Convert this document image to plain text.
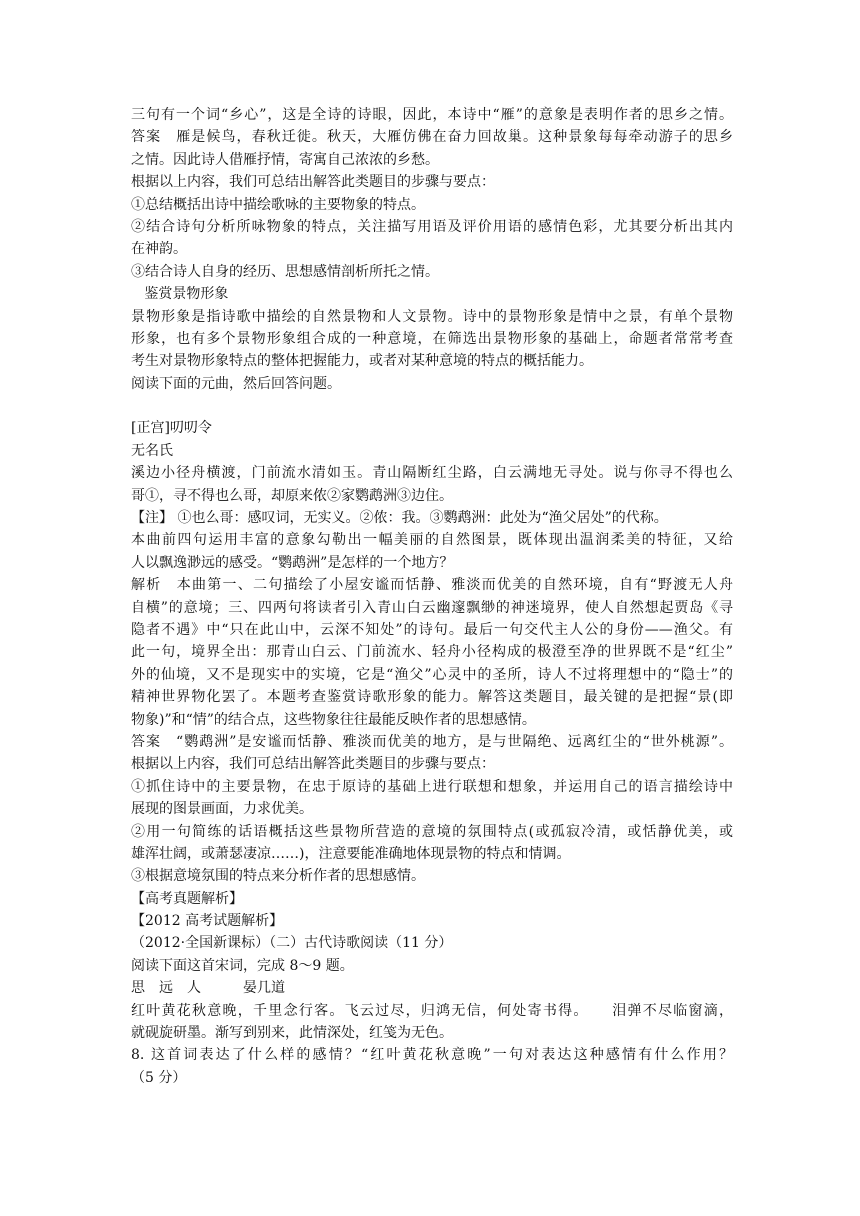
三句有一个词“乡心”，这是全诗的诗眼，因此，本诗中“雁”的意象是表明作者的思乡之情。
答案　雁是候鸟，春秋迁徙。秋天，大雁仿佛在奋力回故巢。这种景象每每牵动游子的思乡
之情。因此诗人借雁抒情，寄寓自己浓浓的乡愁。
根据以上内容，我们可总结出解答此类题目的步骤与要点：
①总结概括出诗中描绘歌咏的主要物象的特点。
②结合诗句分析所咏物象的特点，关注描写用语及评价用语的感情色彩，尤其要分析出其内
在神韵。
③结合诗人自身的经历、思想感情剖析所托之情。
鉴赏景物形象
景物形象是指诗歌中描绘的自然景物和人文景物。诗中的景物形象是情中之景，有单个景物
形象，也有多个景物形象组合成的一种意境，在筛选出景物形象的基础上，命题者常常考查
考生对景物形象特点的整体把握能力，或者对某种意境的特点的概括能力。
阅读下面的元曲，然后回答问题。
[正宫]叨叨令
无名氏
溪边小径舟横渡，门前流水清如玉。青山隔断红尘路，白云满地无寻处。说与你寻不得也么
哥①，寻不得也么哥，却原来侬②家鹦鹉洲③边住。
【注】 ①也么哥：感叹词，无实义。②侬：我。③鹦鹉洲：此处为“渔父居处”的代称。
本曲前四句运用丰富的意象勾勒出一幅美丽的自然图景，既体现出温润柔美的特征，又给
人以飘逸渺远的感受。“鹦鹉洲”是怎样的一个地方？
解析　本曲第一、二句描绘了小屋安谧而恬静、雅淡而优美的自然环境，自有“野渡无人舟
自横”的意境；三、四两句将读者引入青山白云幽邃飘缈的神迷境界，使人自然想起贾岛《寻
隐者不遇》中“只在此山中，云深不知处”的诗句。最后一句交代主人公的身份——渔父。有
此一句，境界全出：那青山白云、门前流水、轻舟小径构成的极澄至净的世界既不是“红尘”
外的仙境，又不是现实中的实境，它是“渔父”心灵中的圣所，诗人不过将理想中的“隐士”的
精神世界物化罢了。本题考查鉴赏诗歌形象的能力。解答这类题目，最关键的是把握“景(即
物象)”和“情”的结合点，这些物象往往最能反映作者的思想感情。
答案　“鹦鹉洲”是安谧而恬静、雅淡而优美的地方，是与世隔绝、远离红尘的“世外桃源”。
根据以上内容，我们可总结出解答此类题目的步骤与要点：
①抓住诗中的主要景物，在忠于原诗的基础上进行联想和想象，并运用自己的语言描绘诗中
展现的图景画面，力求优美。
②用一句简练的话语概括这些景物所营造的意境的氛围特点(或孤寂冷清，或恬静优美，或
雄浑壮阔，或萧瑟凄凉……)，注意要能准确地体现景物的特点和情调。
③根据意境氛围的特点来分析作者的思想感情。
【高考真题解析】
【2012 高考试题解析】
（2012·全国新课标）（二）古代诗歌阅读（11 分）
阅读下面这首宋词，完成 8～9 题。
思　远　人　　　晏几道
红叶黄花秋意晚，千里念行客。飞云过尽，归鸿无信，何处寄书得。　　泪弹不尽临窗滴，
就砚旋研墨。渐写到别来，此情深处，红笺为无色。
8. 这首词表达了什么样的感情？“红叶黄花秋意晚”一句对表达这种感情有什么作用？
（5 分）
